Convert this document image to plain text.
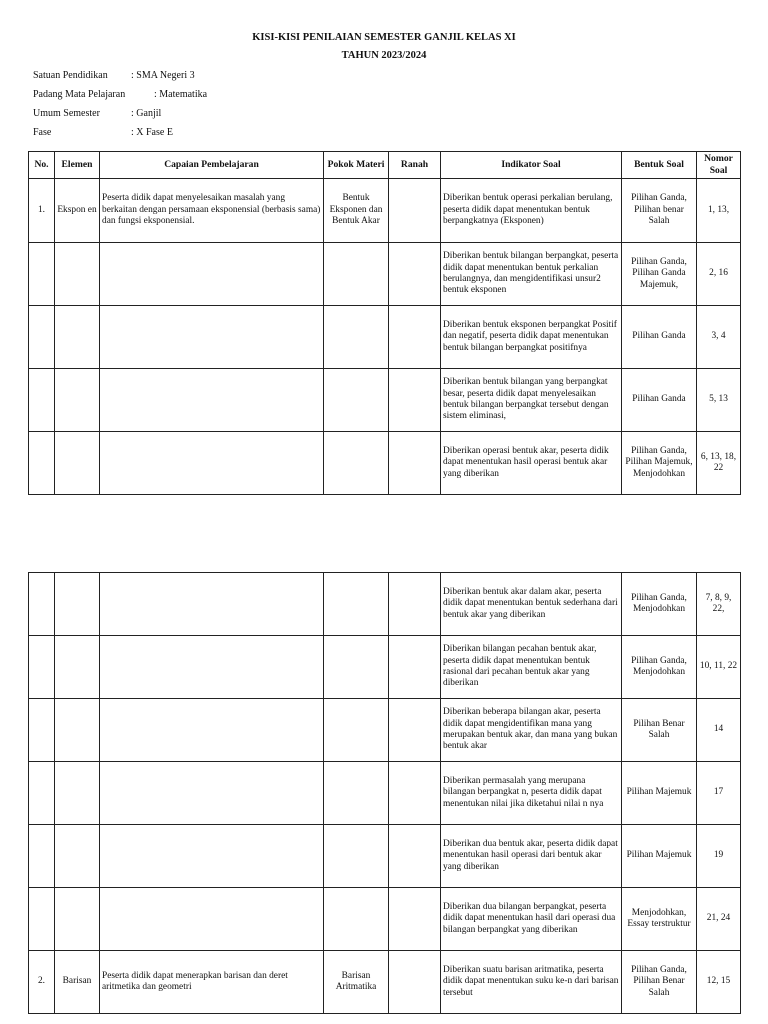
KISI-KISI PENILAIAN SEMESTER GANJIL KELAS XI
TAHUN 2023/2024
Satuan Pendidikan : SMA Negeri 3
Padang Mata Pelajaran	: Matematika
Umum Semester	: Ganjil
Fase	: X Fase E
No.	Elemen	Capaian Pembelajaran	Pokok Materi	Ranah	Indikator Soal	Bentuk Soal	Nomor Soal
1.	Ekspon en	Peserta didik dapat menyelesaikan masalah yang berkaitan dengan persamaan eksponensial (berbasis sama) dan fungsi eksponensial.	Bentuk Eksponen dan Bentuk Akar		Diberikan bentuk operasi perkalian berulang, peserta didik dapat menentukan bentuk berpangkatnya (Eksponen)	Pilihan Ganda, Pilihan benar Salah	1, 13,
					Diberikan bentuk bilangan berpangkat, peserta didik dapat menentukan bentuk perkalian berulangnya, dan mengidentifikasi unsur2 bentuk eksponen	Pilihan Ganda, Pilihan Ganda Majemuk,	2, 16
					Diberikan bentuk eksponen berpangkat Positif dan negatif, peserta didik dapat menentukan bentuk bilangan berpangkat positifnya	Pilihan Ganda	3, 4
					Diberikan bentuk bilangan yang berpangkat besar, peserta didik dapat menyelesaikan bentuk bilangan berpangkat tersebut dengan sistem eliminasi,	Pilihan Ganda	5, 13
					Diberikan operasi bentuk akar, peserta didik dapat menentukan hasil operasi bentuk akar yang diberikan	Pilihan Ganda, Pilihan Majemuk, Menjodohkan	6, 13, 18, 22
					Diberikan bentuk akar dalam akar, peserta didik dapat menentukan bentuk sederhana dari bentuk akar yang diberikan	Pilihan Ganda, Menjodohkan	7, 8, 9, 22,
					Diberikan bilangan pecahan bentuk akar, peserta didik dapat menentukan bentuk rasional dari pecahan bentuk akar yang diberikan	Pilihan Ganda, Menjodohkan	10, 11, 22
					Diberikan beberapa bilangan akar, peserta didik dapat mengidentifikan mana yang merupakan bentuk akar, dan mana yang bukan bentuk akar	Pilihan Benar Salah	14
					Diberikan permasalah yang merupana bilangan berpangkat n, peserta didik dapat menentukan nilai jika diketahui nilai n nya	Pilihan Majemuk	17
					Diberikan dua bentuk akar, peserta didik dapat menentukan hasil operasi dari bentuk akar yang diberikan	Pilihan Majemuk	19
					Diberikan dua bilangan berpangkat, peserta didik dapat menentukan hasil dari operasi dua bilangan berpangkat yang diberikan	Menjodohkan, Essay terstruktur	21, 24
2.	Barisan	Peserta didik dapat menerapkan barisan dan deret aritmetika dan geometri	Barisan Aritmatika		Diberikan suatu barisan aritmatika, peserta didik dapat menentukan suku ke-n dari barisan tersebut	Pilihan Ganda, Pilihan Benar Salah	12, 15
